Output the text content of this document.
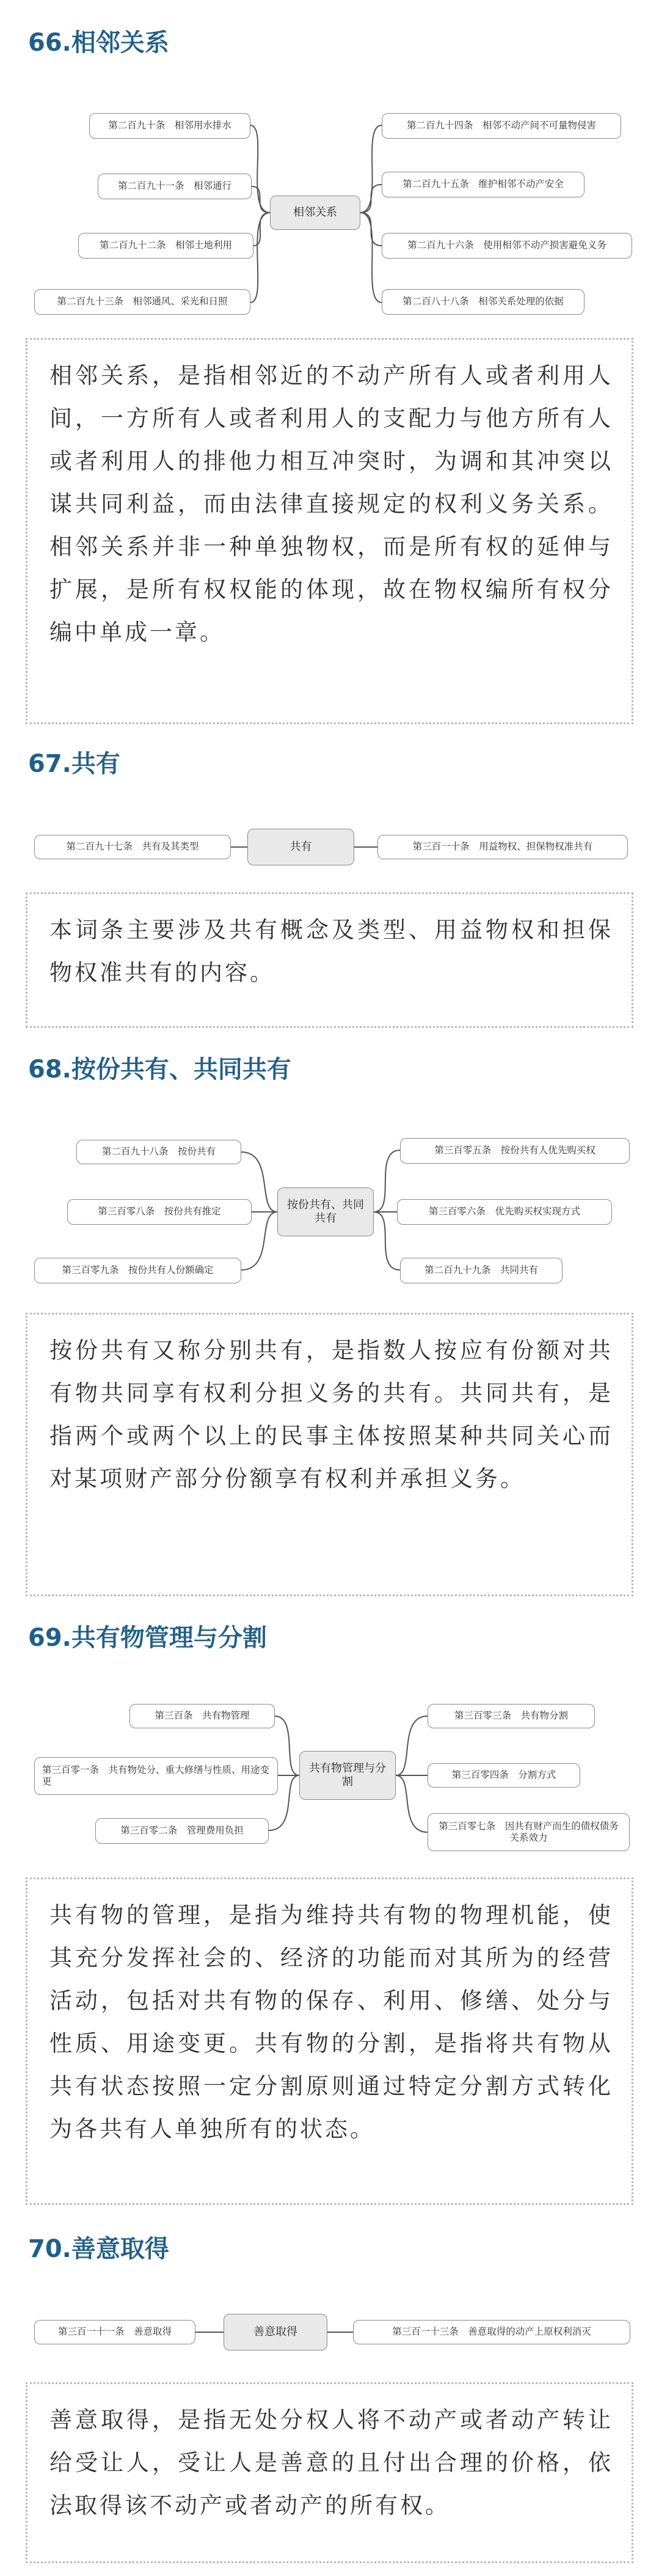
66.相邻关系
相邻关系
第二百九十条　相邻用水排水
第二百九十一条　相邻通行
第二百九十二条　相邻土地利用
第二百九十三条　相邻通风、采光和日照
第二百九十四条　相邻不动产间不可量物侵害
第二百九十五条　维护相邻不动产安全
第二百九十六条　使用相邻不动产损害避免义务
第二百八十八条　相邻关系处理的依据
相邻关系，是指相邻近的不动产所有人或者利用人间，一方所有人或者利用人的支配力与他方所有人或者利用人的排他力相互冲突时，为调和其冲突以谋共同利益，而由法律直接规定的权利义务关系。相邻关系并非一种单独物权，而是所有权的延伸与扩展，是所有权权能的体现，故在物权编所有权分编中单成一章。
67.共有
第二百九十七条　共有及其类型	共有	第三百一十条　用益物权、担保物权准共有
本词条主要涉及共有概念及类型、用益物权和担保物权准共有的内容。
68.按份共有、共同共有
按份共有、共同共有
第二百九十八条　按份共有
第三百零八条　按份共有推定
第三百零九条　按份共有人份额确定
第三百零五条　按份共有人优先购买权
第三百零六条　优先购买权实现方式
第二百九十九条　共同共有
按份共有又称分别共有，是指数人按应有份额对共有物共同享有权利分担义务的共有。共同共有，是指两个或两个以上的民事主体按照某种共同关心而对某项财产部分份额享有权利并承担义务。
69.共有物管理与分割
共有物管理与分割
第三百条　共有物管理
第三百零一条　共有物处分、重大修缮与性质、用途变更
第三百零二条　管理费用负担
第三百零三条　共有物分割
第三百零四条　分割方式
第三百零七条　因共有财产而生的债权债务关系效力
共有物的管理，是指为维持共有物的物理机能，使其充分发挥社会的、经济的功能而对其所为的经营活动，包括对共有物的保存、利用、修缮、处分与性质、用途变更。共有物的分割，是指将共有物从共有状态按照一定分割原则通过特定分割方式转化为各共有人单独所有的状态。
70.善意取得
第三百一十一条　善意取得	善意取得	第三百一十三条　善意取得的动产上原权利消灭
善意取得，是指无处分权人将不动产或者动产转让给受让人，受让人是善意的且付出合理的价格，依法取得该不动产或者动产的所有权。
